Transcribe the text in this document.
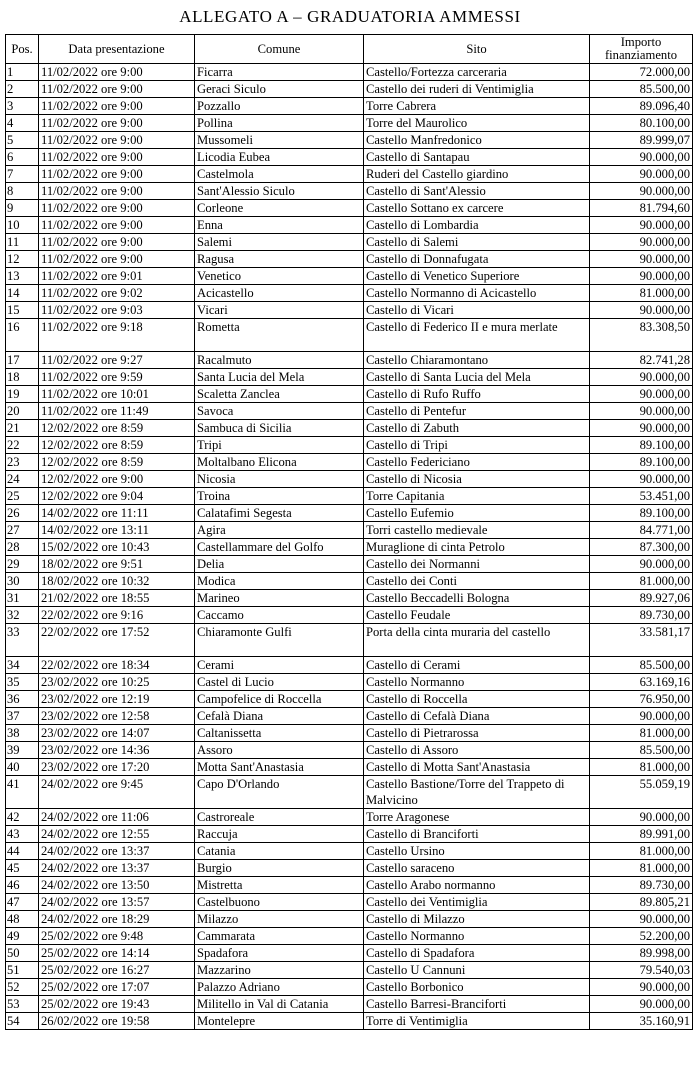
ALLEGATO A – GRADUATORIA AMMESSI
Pos.	Data presentazione	Comune	Sito	Importo
finanziamento

1	11/02/2022 ore 9:00	Ficarra	Castello/Fortezza carceraria	72.000,00
2	11/02/2022 ore 9:00	Geraci Siculo	Castello dei ruderi di Ventimiglia	85.500,00
3	11/02/2022 ore 9:00	Pozzallo	Torre Cabrera	89.096,40
4	11/02/2022 ore 9:00	Pollina	Torre del Maurolico	80.100,00
5	11/02/2022 ore 9:00	Mussomeli	Castello Manfredonico	89.999,07
6	11/02/2022 ore 9:00	Licodia Eubea	Castello di Santapau	90.000,00
7	11/02/2022 ore 9:00	Castelmola	Ruderi del Castello giardino	90.000,00
8	11/02/2022 ore 9:00	Sant'Alessio Siculo	Castello di Sant'Alessio	90.000,00
9	11/02/2022 ore 9:00	Corleone	Castello Sottano ex carcere	81.794,60
10	11/02/2022 ore 9:00	Enna	Castello di Lombardia	90.000,00
11	11/02/2022 ore 9:00	Salemi	Castello di Salemi	90.000,00
12	11/02/2022 ore 9:00	Ragusa	Castello di Donnafugata	90.000,00
13	11/02/2022 ore 9:01	Venetico	Castello di Venetico Superiore	90.000,00
14	11/02/2022 ore 9:02	Acicastello	Castello Normanno di Acicastello	81.000,00
15	11/02/2022 ore 9:03	Vicari	Castello di Vicari	90.000,00
16	11/02/2022 ore 9:18	Rometta	Castello di Federico II e mura merlate	83.308,50
17	11/02/2022 ore 9:27	Racalmuto	Castello Chiaramontano	82.741,28
18	11/02/2022 ore 9:59	Santa Lucia del Mela	Castello di Santa Lucia del Mela	90.000,00
19	11/02/2022 ore 10:01	Scaletta Zanclea	Castello di Rufo Ruffo	90.000,00
20	11/02/2022 ore 11:49	Savoca	Castello di Pentefur	90.000,00
21	12/02/2022 ore 8:59	Sambuca di Sicilia	Castello di Zabuth	90.000,00
22	12/02/2022 ore 8:59	Tripi	Castello di Tripi	89.100,00
23	12/02/2022 ore 8:59	Moltalbano Elicona	Castello Federiciano	89.100,00
24	12/02/2022 ore 9:00	Nicosia	Castello di Nicosia	90.000,00
25	12/02/2022 ore 9:04	Troina	Torre Capitania	53.451,00
26	14/02/2022 ore 11:11	Calatafimi Segesta	Castello Eufemio	89.100,00
27	14/02/2022 ore 13:11	Agira	Torri castello medievale	84.771,00
28	15/02/2022 ore 10:43	Castellammare del Golfo	Muraglione di cinta Petrolo	87.300,00
29	18/02/2022 ore 9:51	Delia	Castello dei Normanni	90.000,00
30	18/02/2022 ore 10:32	Modica	Castello dei Conti	81.000,00
31	21/02/2022 ore 18:55	Marineo	Castello Beccadelli Bologna	89.927,06
32	22/02/2022 ore 9:16	Caccamo	Castello Feudale	89.730,00
33	22/02/2022 ore 17:52	Chiaramonte Gulfi	Porta della cinta muraria del castello	33.581,17
34	22/02/2022 ore 18:34	Cerami	Castello di Cerami	85.500,00
35	23/02/2022 ore 10:25	Castel di Lucio	Castello Normanno	63.169,16
36	23/02/2022 ore 12:19	Campofelice di Roccella	Castello di Roccella	76.950,00
37	23/02/2022 ore 12:58	Cefalà Diana	Castello di Cefalà Diana	90.000,00
38	23/02/2022 ore 14:07	Caltanissetta	Castello di Pietrarossa	81.000,00
39	23/02/2022 ore 14:36	Assoro	Castello di Assoro	85.500,00
40	23/02/2022 ore 17:20	Motta Sant'Anastasia	Castello di Motta Sant'Anastasia	81.000,00
41	24/02/2022 ore 9:45	Capo D'Orlando	Castello Bastione/Torre del Trappeto di Malvicino	55.059,19
42	24/02/2022 ore 11:06	Castroreale	Torre Aragonese	90.000,00
43	24/02/2022 ore 12:55	Raccuja	Castello di Branciforti	89.991,00
44	24/02/2022 ore 13:37	Catania	Castello Ursino	81.000,00
45	24/02/2022 ore 13:37	Burgio	Castello saraceno	81.000,00
46	24/02/2022 ore 13:50	Mistretta	Castello Arabo normanno	89.730,00
47	24/02/2022 ore 13:57	Castelbuono	Castello dei Ventimiglia	89.805,21
48	24/02/2022 ore 18:29	Milazzo	Castello di Milazzo	90.000,00
49	25/02/2022 ore 9:48	Cammarata	Castello Normanno	52.200,00
50	25/02/2022 ore 14:14	Spadafora	Castello di Spadafora	89.998,00
51	25/02/2022 ore 16:27	Mazzarino	Castello U Cannuni	79.540,03
52	25/02/2022 ore 17:07	Palazzo Adriano	Castello Borbonico	90.000,00
53	25/02/2022 ore 19:43	Militello in Val di Catania	Castello Barresi-Branciforti	90.000,00
54	26/02/2022 ore 19:58	Montelepre	Torre di Ventimiglia	35.160,91
